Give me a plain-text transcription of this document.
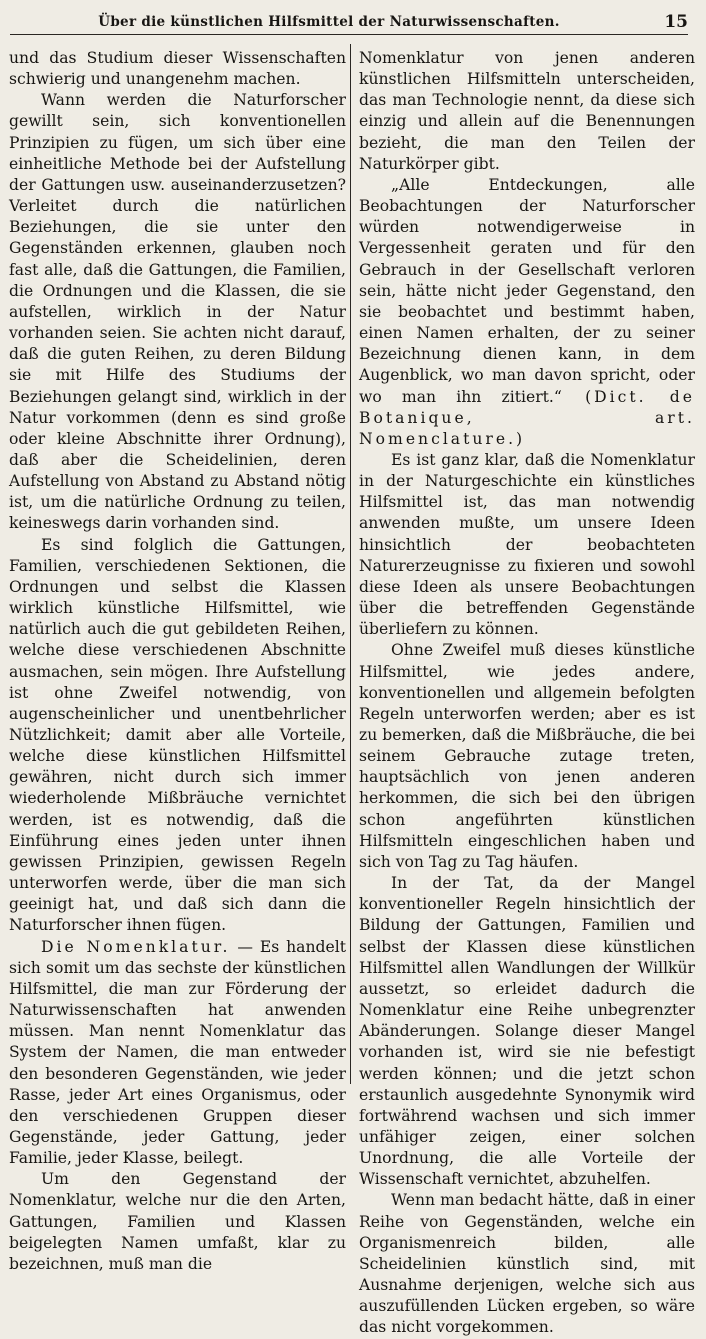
Über die künstlichen Hilfsmittel der Naturwissenschaften.	15

und das Studium dieser Wissenschaften schwierig und unangenehm machen.

Wann werden die Naturforscher gewillt sein, sich konventionellen Prinzipien zu fügen, um sich über eine einheitliche Methode bei der Aufstellung der Gattungen usw. auseinanderzusetzen? Verleitet durch die natürlichen Beziehungen, die sie unter den Gegenständen erkennen, glauben noch fast alle, daß die Gattungen, die Familien, die Ordnungen und die Klassen, die sie aufstellen, wirklich in der Natur vorhanden seien. Sie achten nicht darauf, daß die guten Reihen, zu deren Bildung sie mit Hilfe des Studiums der Beziehungen gelangt sind, wirklich in der Natur vorkommen (denn es sind große oder kleine Abschnitte ihrer Ordnung), daß aber die Scheidelinien, deren Aufstellung von Abstand zu Abstand nötig ist, um die natürliche Ordnung zu teilen, keineswegs darin vorhanden sind.

Es sind folglich die Gattungen, Familien, verschiedenen Sektionen, die Ordnungen und selbst die Klassen wirklich künstliche Hilfsmittel, wie natürlich auch die gut gebildeten Reihen, welche diese verschiedenen Abschnitte ausmachen, sein mögen. Ihre Aufstellung ist ohne Zweifel notwendig, von augenscheinlicher und unentbehrlicher Nützlichkeit; damit aber alle Vorteile, welche diese künstlichen Hilfsmittel gewähren, nicht durch sich immer wiederholende Mißbräuche vernichtet werden, ist es notwendig, daß die Einführung eines jeden unter ihnen gewissen Prinzipien, gewissen Regeln unterworfen werde, über die man sich geeinigt hat, und daß sich dann die Naturforscher ihnen fügen.

Die Nomenklatur. — Es handelt sich somit um das sechste der künstlichen Hilfsmittel, die man zur Förderung der Naturwissenschaften hat anwenden müssen. Man nennt Nomenklatur das System der Namen, die man entweder den besonderen Gegenständen, wie jeder Rasse, jeder Art eines Organismus, oder den verschiedenen Gruppen dieser Gegenstände, jeder Gattung, jeder Familie, jeder Klasse, beilegt.

Um den Gegenstand der Nomenklatur, welche nur die den Arten, Gattungen, Familien und Klassen beigelegten Namen umfaßt, klar zu bezeichnen, muß man die

Nomenklatur von jenen anderen künstlichen Hilfsmitteln unterscheiden, das man Technologie nennt, da diese sich einzig und allein auf die Benennungen bezieht, die man den Teilen der Naturkörper gibt.

„Alle Entdeckungen, alle Beobachtungen der Naturforscher würden notwendigerweise in Vergessenheit geraten und für den Gebrauch in der Gesellschaft verloren sein, hätte nicht jeder Gegenstand, den sie beobachtet und bestimmt haben, einen Namen erhalten, der zu seiner Bezeichnung dienen kann, in dem Augenblick, wo man davon spricht, oder wo man ihn zitiert.“ (Dict. de Botanique, art. Nomenclature.)

Es ist ganz klar, daß die Nomenklatur in der Naturgeschichte ein künstliches Hilfsmittel ist, das man notwendig anwenden mußte, um unsere Ideen hinsichtlich der beobachteten Naturerzeugnisse zu fixieren und sowohl diese Ideen als unsere Beobachtungen über die betreffenden Gegenstände überliefern zu können.

Ohne Zweifel muß dieses künstliche Hilfsmittel, wie jedes andere, konventionellen und allgemein befolgten Regeln unterworfen werden; aber es ist zu bemerken, daß die Mißbräuche, die bei seinem Gebrauche zutage treten, hauptsächlich von jenen anderen herkommen, die sich bei den übrigen schon angeführten künstlichen Hilfsmitteln eingeschlichen haben und sich von Tag zu Tag häufen.

In der Tat, da der Mangel konventioneller Regeln hinsichtlich der Bildung der Gattungen, Familien und selbst der Klassen diese künstlichen Hilfsmittel allen Wandlungen der Willkür aussetzt, so erleidet dadurch die Nomenklatur eine Reihe unbegrenzter Abänderungen. Solange dieser Mangel vorhanden ist, wird sie nie befestigt werden können; und die jetzt schon erstaunlich ausgedehnte Synonymik wird fortwährend wachsen und sich immer unfähiger zeigen, einer solchen Unordnung, die alle Vorteile der Wissenschaft vernichtet, abzuhelfen.

Wenn man bedacht hätte, daß in einer Reihe von Gegenständen, welche ein Organismenreich bilden, alle Scheidelinien künstlich sind, mit Ausnahme derjenigen, welche sich aus auszufüllenden Lücken ergeben, so wäre das nicht vorgekommen.
